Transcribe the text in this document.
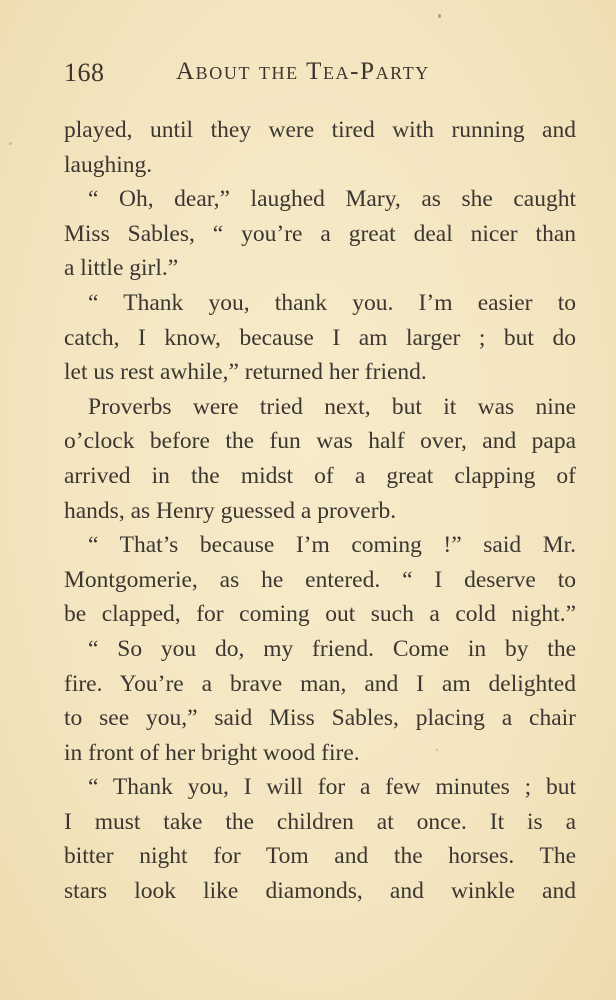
168	About the Tea-Party
played, until they were tired with running and
laughing.
“ Oh, dear,” laughed Mary, as she caught
Miss Sables, “ you’re a great deal nicer than
a little girl.”
“ Thank you, thank you. I’m easier to
catch, I know, because I am larger ; but do
let us rest awhile,” returned her friend.
Proverbs were tried next, but it was nine
o’clock before the fun was half over, and papa
arrived in the midst of a great clapping of
hands, as Henry guessed a proverb.
“ That’s because I’m coming !” said Mr.
Montgomerie, as he entered. “ I deserve to
be clapped, for coming out such a cold night.”
“ So you do, my friend. Come in by the
fire. You’re a brave man, and I am delighted
to see you,” said Miss Sables, placing a chair
in front of her bright wood fire.
“ Thank you, I will for a few minutes ; but
I must take the children at once. It is a
bitter night for Tom and the horses. The
stars look like diamonds, and winkle and
